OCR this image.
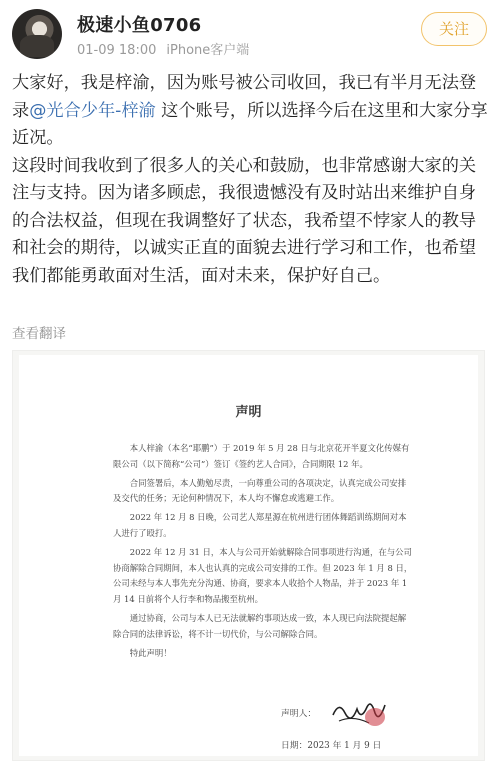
极速小鱼0706
01-09 18:00 iPhone客户端
关注

大家好，我是梓渝，因为账号被公司收回，我已有半月无法登
录@光合少年-梓渝 这个账号，所以选择今后在这里和大家分享
近况。

这段时间我收到了很多人的关心和鼓励，也非常感谢大家的关注与支持。因为诸多顾虑，我很遗憾没有及时站出来维护自身的合法权益，但现在我调整好了状态，我希望不悖家人的教导和社会的期待，以诚实正直的面貌去进行学习和工作，也希望我们都能勇敢面对生活，面对未来，保护好自己。

查看翻译
声明

本人梓渝（本名“耶鹏”）于 2019 年 5 月 28 日与北京花开半夏文化传媒有限公司（以下简称“公司”）签订《签约艺人合同》，合同期限 12 年。

合同签署后，本人勤勉尽责，一向尊重公司的各项决定，认真完成公司安排及交代的任务；无论何种情况下，本人均不懈怠或逃避工作。

2022 年 12 月 8 日晚，公司艺人郑星源在杭州进行团体舞蹈训练期间对本人进行了殴打。

2022 年 12 月 31 日，本人与公司开始就解除合同事项进行沟通，在与公司协商解除合同期间，本人也认真的完成公司安排的工作。但 2023 年 1 月 8 日，公司未经与本人事先充分沟通、协商，要求本人收拾个人物品，并于 2023 年 1 月 14 日前将个人行李和物品搬至杭州。

通过协商，公司与本人已无法就解约事项达成一致，本人现已向法院提起解除合同的法律诉讼，将不计一切代价，与公司解除合同。

特此声明！

声明人：
日期：2023 年 1 月 9 日
